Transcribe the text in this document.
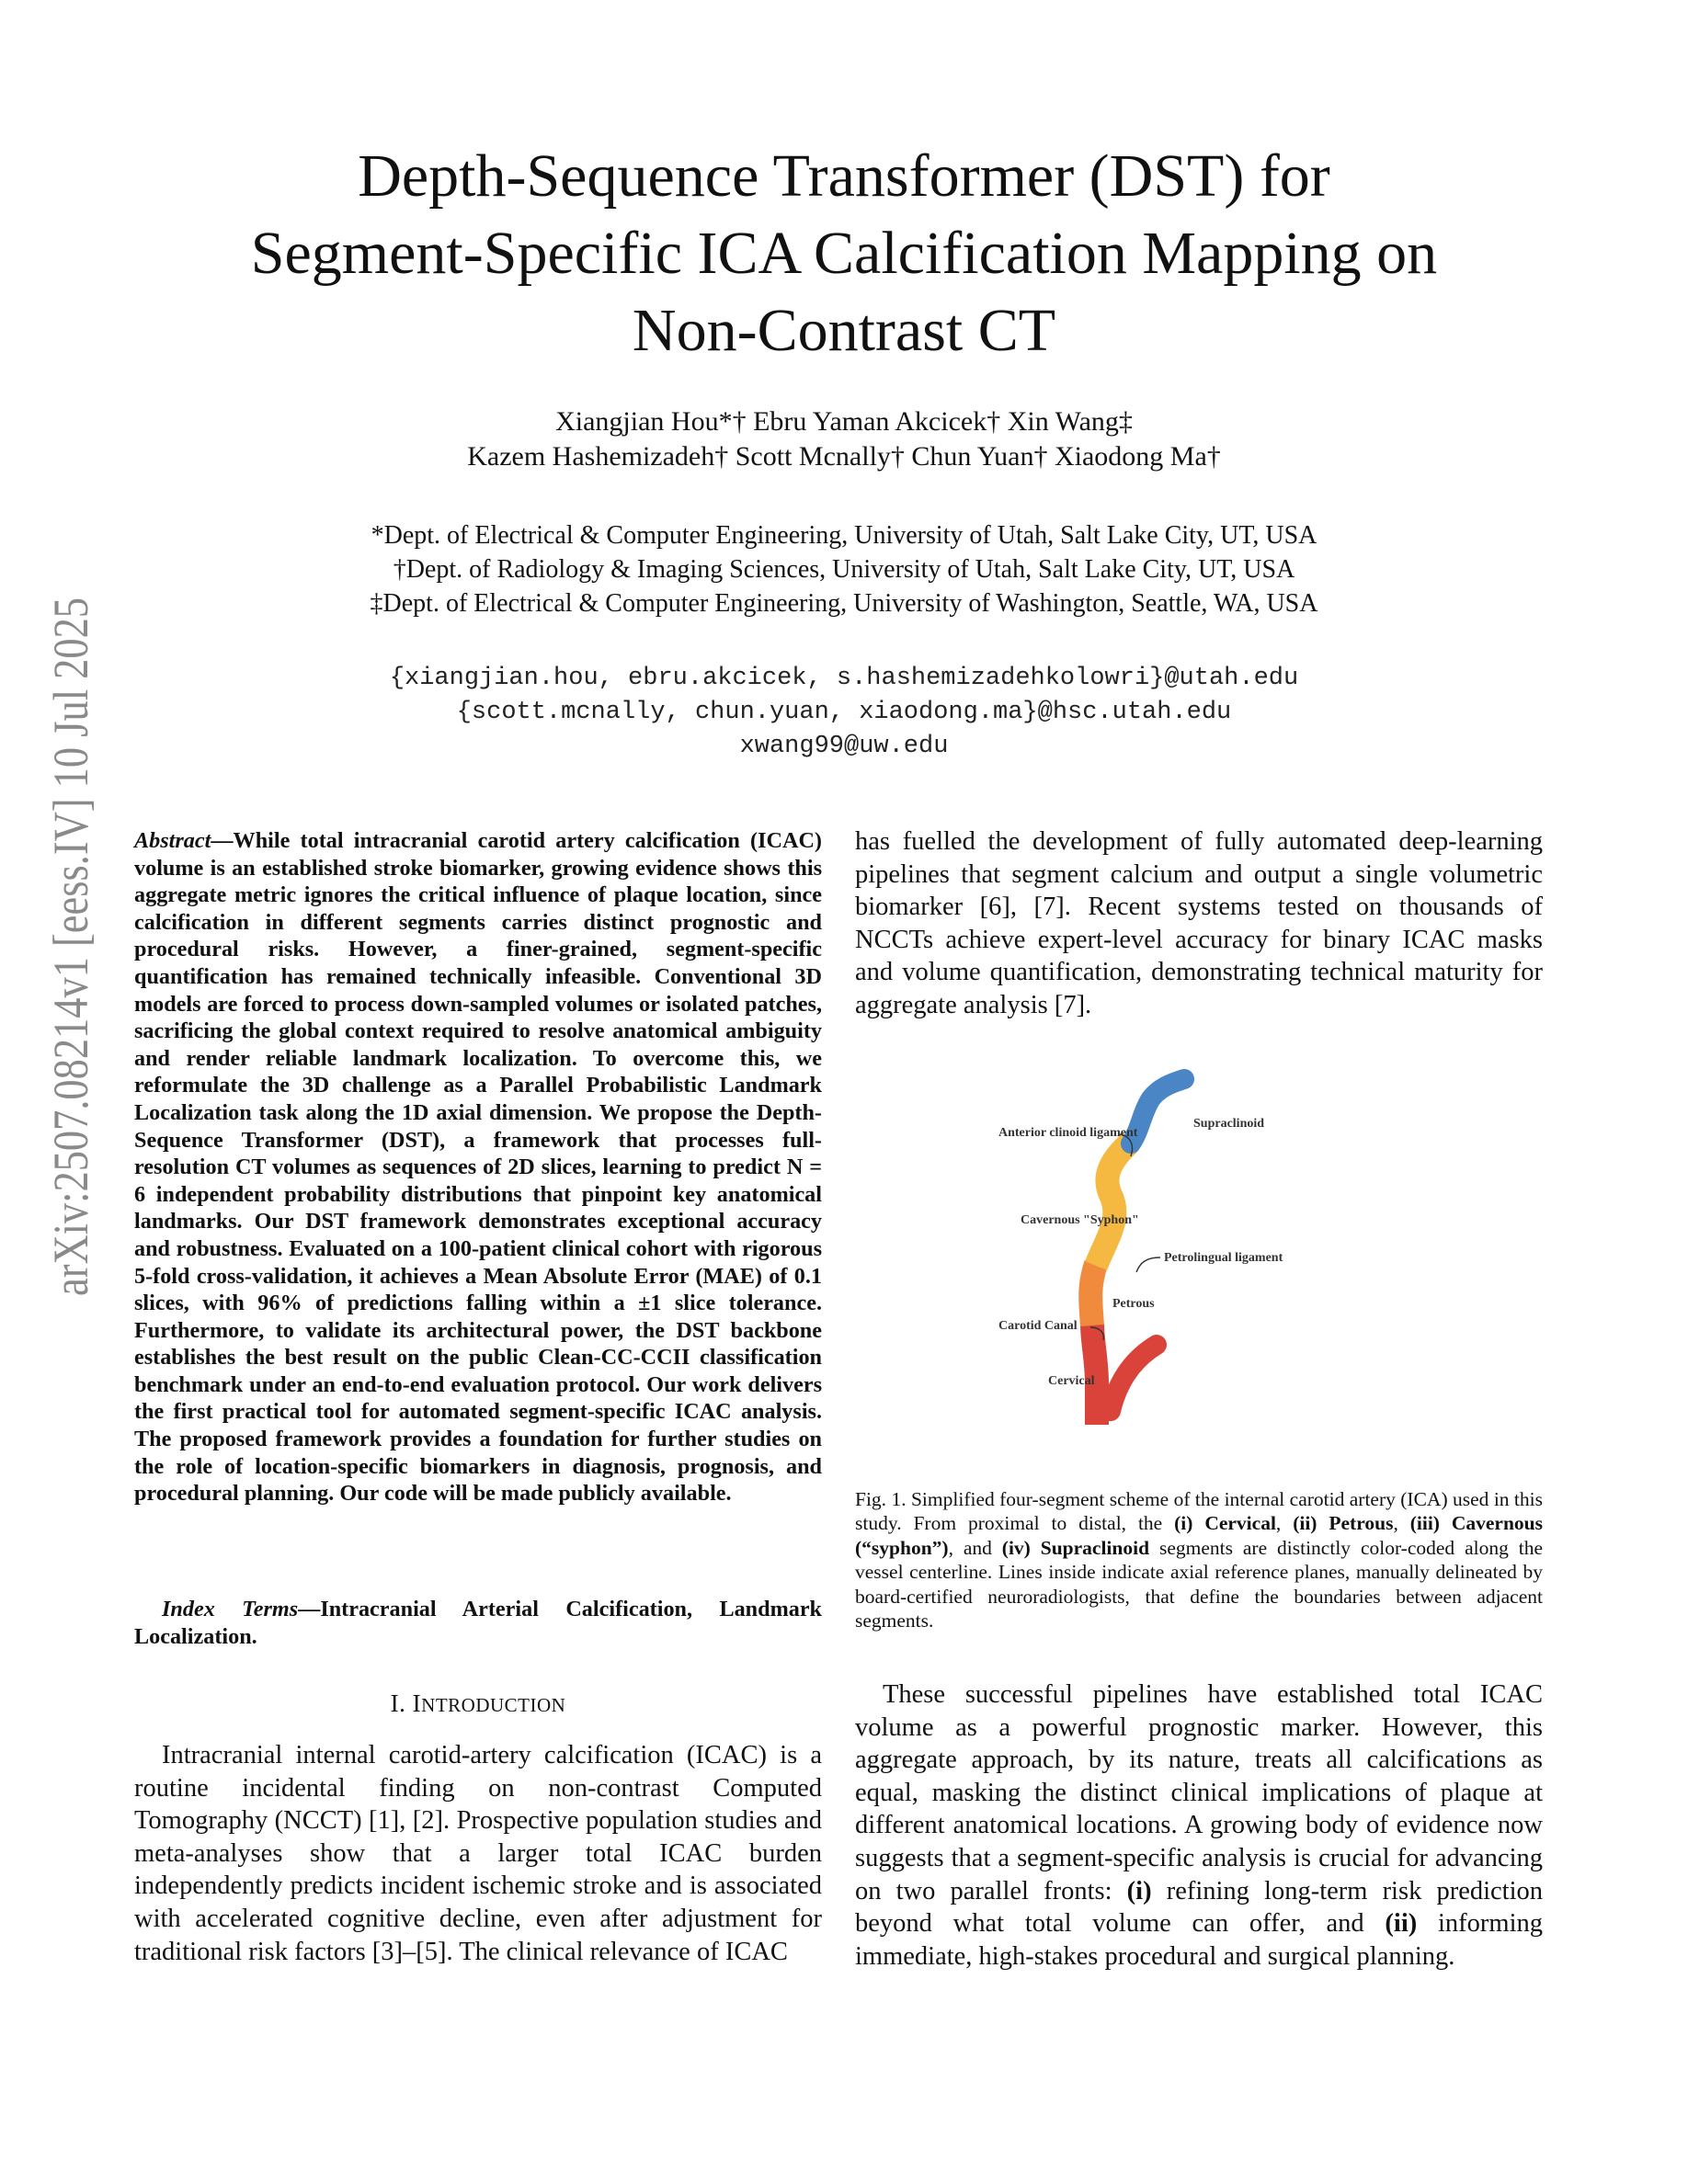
arXiv:2507.08214v1 [eess.IV] 10 Jul 2025
Depth-Sequence Transformer (DST) for
Segment-Specific ICA Calcification Mapping on
Non-Contrast CT
Xiangjian Hou*† Ebru Yaman Akcicek† Xin Wang‡
Kazem Hashemizadeh† Scott Mcnally† Chun Yuan† Xiaodong Ma†
*Dept. of Electrical & Computer Engineering, University of Utah, Salt Lake City, UT, USA
†Dept. of Radiology & Imaging Sciences, University of Utah, Salt Lake City, UT, USA
‡Dept. of Electrical & Computer Engineering, University of Washington, Seattle, WA, USA
{xiangjian.hou, ebru.akcicek, s.hashemizadehkolowri}@utah.edu
{scott.mcnally, chun.yuan, xiaodong.ma}@hsc.utah.edu
xwang99@uw.edu
Abstract—While total intracranial carotid artery calcification (ICAC) volume is an established stroke biomarker, growing evidence shows this aggregate metric ignores the critical influence of plaque location, since calcification in different segments carries distinct prognostic and procedural risks. However, a finer-grained, segment-specific quantification has remained technically infeasible. Conventional 3D models are forced to process down-sampled volumes or isolated patches, sacrificing the global context required to resolve anatomical ambiguity and render reliable landmark localization. To overcome this, we reformulate the 3D challenge as a Parallel Probabilistic Landmark Localization task along the 1D axial dimension. We propose the Depth-Sequence Transformer (DST), a framework that processes full-resolution CT volumes as sequences of 2D slices, learning to predict N = 6 independent probability distributions that pinpoint key anatomical landmarks. Our DST framework demonstrates exceptional accuracy and robustness. Evaluated on a 100-patient clinical cohort with rigorous 5-fold cross-validation, it achieves a Mean Absolute Error (MAE) of 0.1 slices, with 96% of predictions falling within a ±1 slice tolerance. Furthermore, to validate its architectural power, the DST backbone establishes the best result on the public Clean-CC-CCII classification benchmark under an end-to-end evaluation protocol. Our work delivers the first practical tool for automated segment-specific ICAC analysis. The proposed framework provides a foundation for further studies on the role of location-specific biomarkers in diagnosis, prognosis, and procedural planning. Our code will be made publicly available.
Index Terms—Intracranial Arterial Calcification, Landmark Localization.
I. INTRODUCTION
Intracranial internal carotid-artery calcification (ICAC) is a routine incidental finding on non-contrast Computed Tomography (NCCT) [1], [2]. Prospective population studies and meta-analyses show that a larger total ICAC burden independently predicts incident ischemic stroke and is associated with accelerated cognitive decline, even after adjustment for traditional risk factors [3]–[5]. The clinical relevance of ICAC
has fuelled the development of fully automated deep-learning pipelines that segment calcium and output a single volumetric biomarker [6], [7]. Recent systems tested on thousands of NCCTs achieve expert-level accuracy for binary ICAC masks and volume quantification, demonstrating technical maturity for aggregate analysis [7].
Supraclinoid
Anterior clinoid ligament
Cavernous "Syphon"
Petrolingual ligament
Petrous
Carotid Canal
Cervical
Fig. 1. Simplified four-segment scheme of the internal carotid artery (ICA) used in this study. From proximal to distal, the (i) Cervical, (ii) Petrous, (iii) Cavernous (“syphon”), and (iv) Supraclinoid segments are distinctly color-coded along the vessel centerline. Lines inside indicate axial reference planes, manually delineated by board-certified neuroradiologists, that define the boundaries between adjacent segments.
These successful pipelines have established total ICAC volume as a powerful prognostic marker. However, this aggregate approach, by its nature, treats all calcifications as equal, masking the distinct clinical implications of plaque at different anatomical locations. A growing body of evidence now suggests that a segment-specific analysis is crucial for advancing on two parallel fronts: (i) refining long-term risk prediction beyond what total volume can offer, and (ii) informing immediate, high-stakes procedural and surgical planning.
